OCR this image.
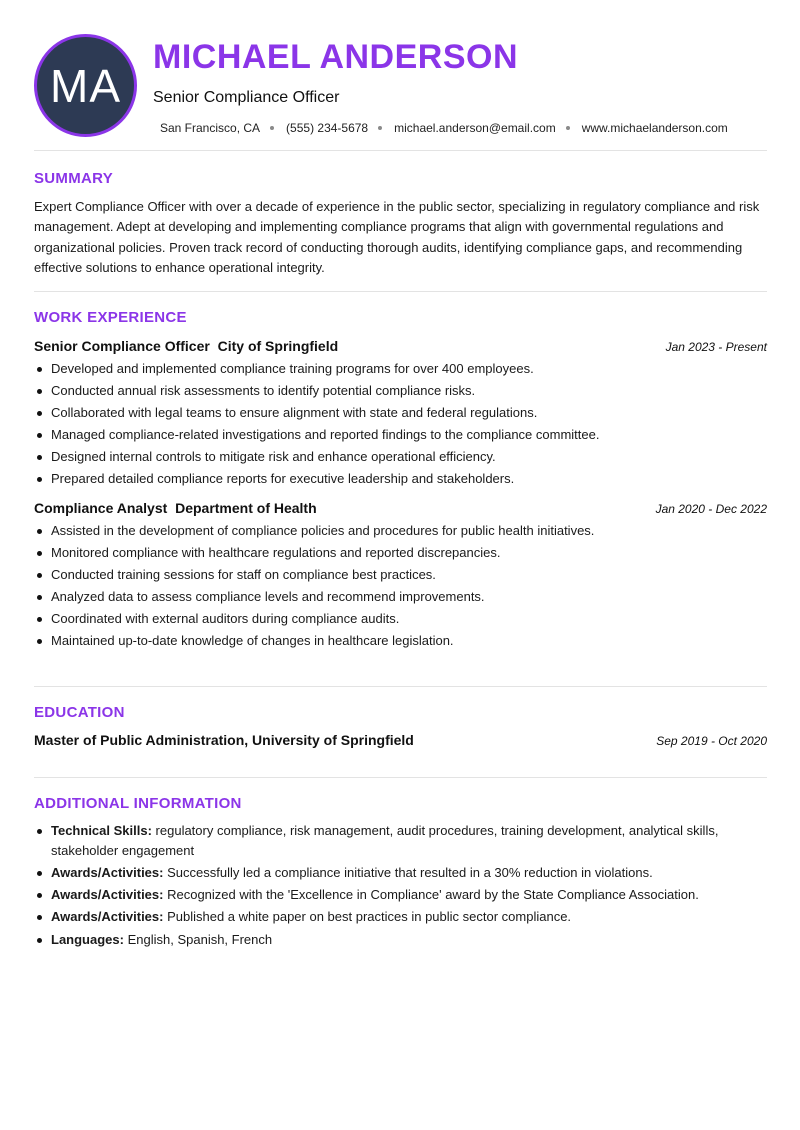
MA
MICHAEL ANDERSON
Senior Compliance Officer
San Francisco, CA (555) 234-5678 michael.anderson@email.com www.michaelanderson.com
SUMMARY
Expert Compliance Officer with over a decade of experience in the public sector, specializing in regulatory compliance and risk management. Adept at developing and implementing compliance programs that align with governmental regulations and organizational policies. Proven track record of conducting thorough audits, identifying compliance gaps, and recommending effective solutions to enhance operational integrity.
WORK EXPERIENCE
Senior Compliance Officer City of Springfield	Jan 2023 - Present
Developed and implemented compliance training programs for over 400 employees.
Conducted annual risk assessments to identify potential compliance risks.
Collaborated with legal teams to ensure alignment with state and federal regulations.
Managed compliance-related investigations and reported findings to the compliance committee.
Designed internal controls to mitigate risk and enhance operational efficiency.
Prepared detailed compliance reports for executive leadership and stakeholders.
Compliance Analyst Department of Health	Jan 2020 - Dec 2022
Assisted in the development of compliance policies and procedures for public health initiatives.
Monitored compliance with healthcare regulations and reported discrepancies.
Conducted training sessions for staff on compliance best practices.
Analyzed data to assess compliance levels and recommend improvements.
Coordinated with external auditors during compliance audits.
Maintained up-to-date knowledge of changes in healthcare legislation.
EDUCATION
Master of Public Administration, University of Springfield	Sep 2019 - Oct 2020
ADDITIONAL INFORMATION
Technical Skills: regulatory compliance, risk management, audit procedures, training development, analytical skills, stakeholder engagement
Awards/Activities: Successfully led a compliance initiative that resulted in a 30% reduction in violations.
Awards/Activities: Recognized with the 'Excellence in Compliance' award by the State Compliance Association.
Awards/Activities: Published a white paper on best practices in public sector compliance.
Languages: English, Spanish, French
